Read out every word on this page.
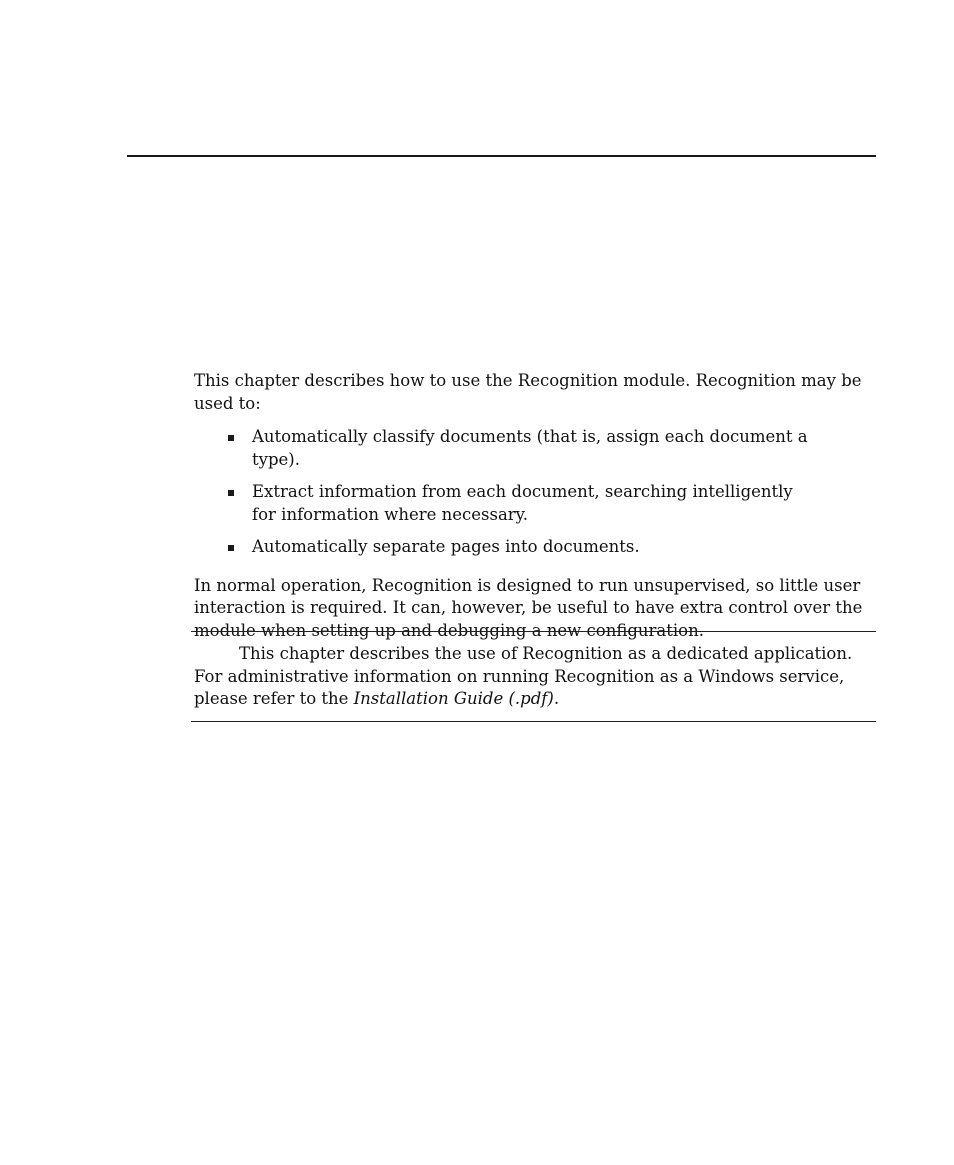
This chapter describes how to use the Recognition module. Recognition may be used to:

Automatically classify documents (that is, assign each document a type).
Extract information from each document, searching intelligently for information where necessary.
Automatically separate pages into documents.

In normal operation, Recognition is designed to run unsupervised, so little user interaction is required. It can, however, be useful to have extra control over the module when setting up and debugging a new configuration.

This chapter describes the use of Recognition as a dedicated application. For administrative information on running Recognition as a Windows service, please refer to the Installation Guide (.pdf).
